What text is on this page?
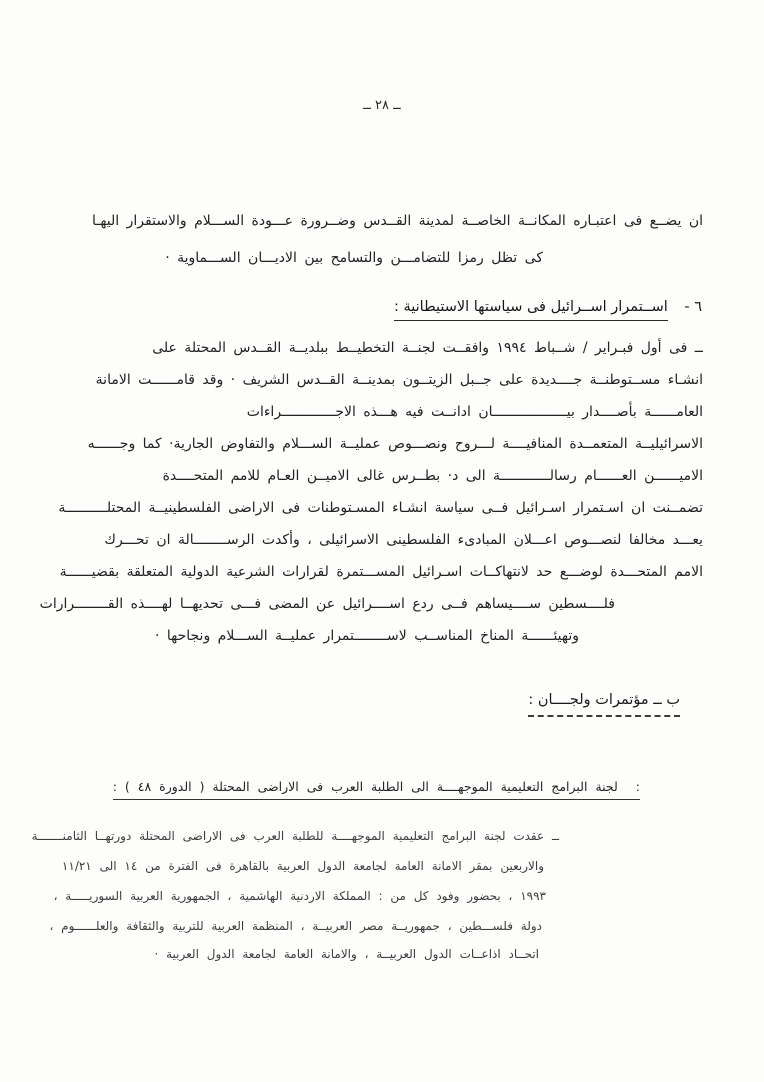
ــ ٢٨ ــ
ان يضــع فى اعتبـاره المكانــة الخاصــة لمدينة القــدس وضــرورة عـــودة الســـلام والاستقرار اليهـا
كى تظل رمزا للتضامـــن والتسامح بين الاديـــان الســـماوية ·
٦ - اســتمرار اســرائيل فى سياستها الاستيطانية :
ــ فى أول فبـراير / شــباط ١٩٩٤ وافقــت لجنــة التخطيــط ببلديــة القــدس المحتلة على
انشـاء مســتوطنــة جــــديدة على جــبل الزيتــون بمدينــة القــدس الشريف · وقد قامــــــت الامانة
العامــــــة بأصــــدار بيــــــــــــــــــان ادانــت فيه هـــذه الاجـــــــــــــراءات
الاسرائيليــة المتعمــدة المنافيــــة لـــروح ونصـــوص عمليــة الســـلام والتفاوض الجارية· كما وجــــــه
الاميــــــن العــــــام رسالــــــــــــة الى د· بطــرس غالى الاميــن العـام للامم المتحــــدة
تضمــنت ان اسـتمرار اسـرائيل فــى سياسة انشـاء المسـتوطنات فى الاراضى الفلسطينيــة المحتلــــــــــة
يعـــد مخالفا لنصـــوص اعـــلان المبادىء الفلسطينى الاسرائيلى ، وأكدت الرســــــــالة ان تحـــرك
الامم المتحـــدة لوضـــع حد لانتهاكــات اسـرائيل المســـتمرة لقرارات الشرعية الدولية المتعلقة بقضيــــــة
فلــــسطين ســــيساهم فــى ردع اســــرائيل عن المضى فـــى تحديهــا لهــــذه القــــــــرارات
وتهيئــــــة المناخ المناســب لاســــــــتمرار عمليــة الســـلام ونجاحها ·
ب ــ مؤتمرات ولجــــان :
: لجنة البرامج التعليمية الموجهــــة الى الطلبة العرب فى الاراضى المحتلة ( الدورة ٤٨ ) :
ــ عقدت لجنة البرامج التعليمية الموجهــــة للطلبة العرب فى الاراضى المحتلة دورتهــا الثامنـــــــة
والاربعين بمقر الامانة العامة لجامعة الدول العربية بالقاهرة فى الفترة من ١٤ الى ١١/٢١
١٩٩٣ ، بحضور وفود كل من : المملكة الاردنية الهاشمية ، الجمهورية العربية السوريـــــة ،
دولة فلســـطين ، جمهوريــة مصر العربيــة ، المنظمة العربية للتربية والثقافة والعلــــــوم ،
اتحــاد اذاعــات الدول العربيــة ، والامانة العامة لجامعة الدول العربية ·
